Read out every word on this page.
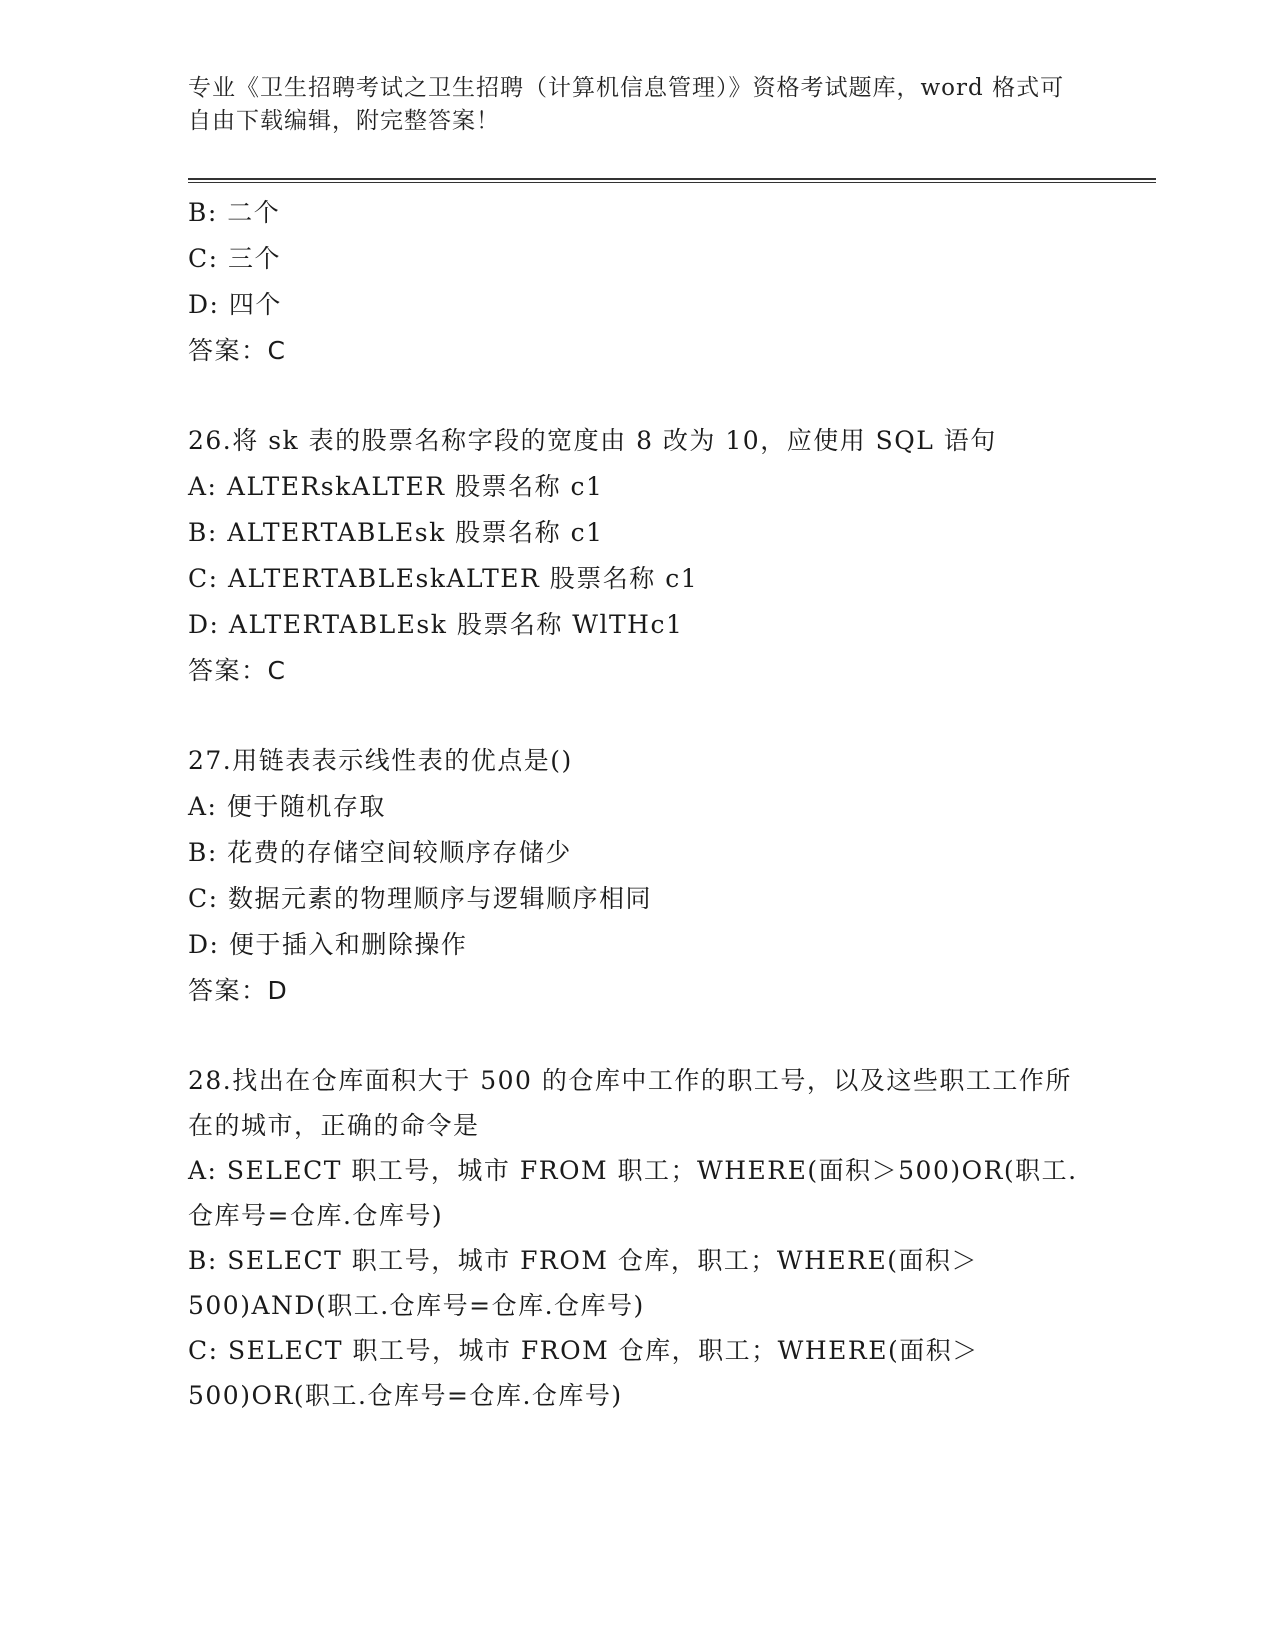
专业《卫生招聘考试之卫生招聘（计算机信息管理）》资格考试题库，word 格式可自由下载编辑，附完整答案！
B: 二个
C: 三个
D: 四个
答案：C
26.将 sk 表的股票名称字段的宽度由 8 改为 10，应使用 SQL 语句
A: ALTERskALTER 股票名称 c1
B: ALTERTABLEsk 股票名称 c1
C: ALTERTABLEskALTER 股票名称 c1
D: ALTERTABLEsk 股票名称 WlTHc1
答案：C
27.用链表表示线性表的优点是()
A: 便于随机存取
B: 花费的存储空间较顺序存储少
C: 数据元素的物理顺序与逻辑顺序相同
D: 便于插入和删除操作
答案：D
28.找出在仓库面积大于 500 的仓库中工作的职工号，以及这些职工工作所在的城市，正确的命令是
A: SELECT 职工号，城市 FROM 职工；WHERE(面积＞500)OR(职工.仓库号=仓库.仓库号)
B: SELECT 职工号，城市 FROM 仓库，职工；WHERE(面积＞500)AND(职工.仓库号=仓库.仓库号)
C: SELECT 职工号，城市 FROM 仓库，职工；WHERE(面积＞500)OR(职工.仓库号=仓库.仓库号)
